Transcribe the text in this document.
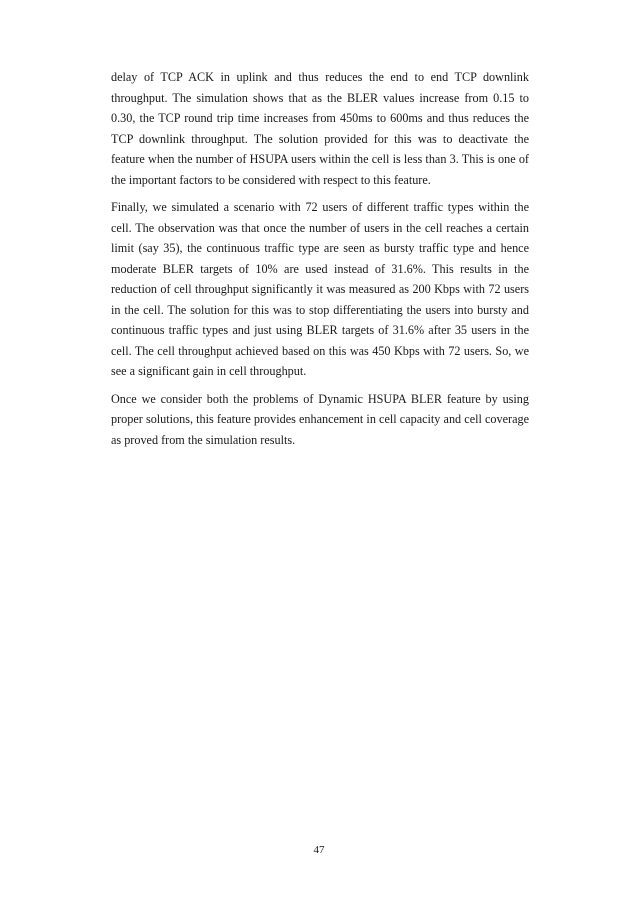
delay of TCP ACK in uplink and thus reduces the end to end TCP downlink throughput. The simulation shows that as the BLER values increase from 0.15 to 0.30, the TCP round trip time increases from 450ms to 600ms and thus reduces the TCP downlink throughput. The solution provided for this was to deactivate the feature when the number of HSUPA users within the cell is less than 3. This is one of the important factors to be considered with respect to this feature.

Finally, we simulated a scenario with 72 users of different traffic types within the cell. The observation was that once the number of users in the cell reaches a certain limit (say 35), the continuous traffic type are seen as bursty traffic type and hence moderate BLER targets of 10% are used instead of 31.6%. This results in the reduction of cell throughput significantly it was measured as 200 Kbps with 72 users in the cell. The solution for this was to stop differentiating the users into bursty and continuous traffic types and just using BLER targets of 31.6% after 35 users in the cell. The cell throughput achieved based on this was 450 Kbps with 72 users. So, we see a significant gain in cell throughput.

Once we consider both the problems of Dynamic HSUPA BLER feature by using proper solutions, this feature provides enhancement in cell capacity and cell coverage as proved from the simulation results.

47
